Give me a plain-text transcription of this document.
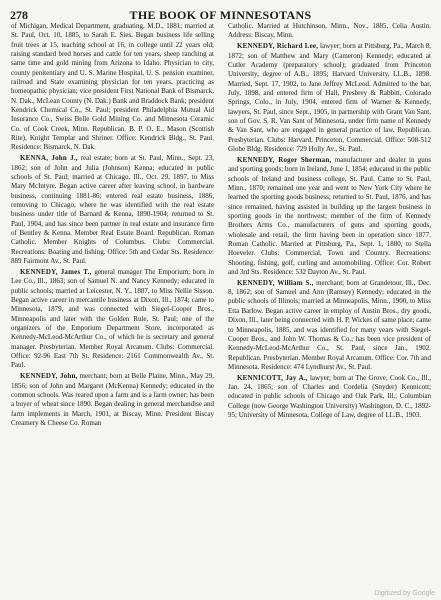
278	THE BOOK OF MINNESOTANS

of Michigan, Medical Department, graduating, M.D., 1881; married at St. Paul, Oct. 10, 1885, to Sarah E. Sies. Began business life selling fruit trees at 15, teaching school at 16, in college until 22 years old; raising standard bred horses and cattle for ten years, sheep ranching at same time and gold mining from Arizona to Idaho. Physician to city, county penitentiary and U. S. Marine Hospital, U. S. pension examiner, railroad and State examining physician for ten years, practicing as homeopathic physician; vice president First National Bank of Bismarck, N. Dak., McLean County (N. Dak.) Bank and Braddock Bank; president Kendrick Chemical Co., St. Paul; president Philadelphia Mutual Aid Insurance Co., Swiss Belle Gold Mining Co. and Minnesota Ceramic Co. of Cook Creek, Minn. Republican. B. P. O. E., Mason (Scottish Rite), Knight Templar and Shriner. Office: Kendrick Bldg., St. Paul. Residence: Bismarck, N. Dak.

KENNA, John J., real estate; born at St. Paul, Minn., Sept. 23, 1862; son of John and Julia (Johnson) Kenna; educated in public schools of St. Paul; married at Chicago, Ill., Oct. 29, 1897, to Miss Mary McIntyre. Began active career after leaving school, in hardware business, continuing 1881-86; entered real estate business, 1886, removing to Chicago, where he was identified with the real estate business under title of Barnard & Kenna, 1890-1904; returned to St. Paul, 1904, and has since been partner in real estate and insurance firm of Bentley & Kenna. Member Real Estate Board. Republican. Roman Catholic. Member Knights of Columbus. Clubs: Commercial. Recreations: Boating and fishing. Office: 5th and Cedar Sts. Residence: 889 Fairmont Av., St. Paul.

KENNEDY, James T., general manager The Emporium; born in Lee Co., Ill., 1863; son of Samuel N. and Nancy Kennedy; educated in public schools; married at Leicester, N. Y., 1887, to Miss Nellie Sisson. Began active career in mercantile business at Dixon, Ill., 1874; came to Minnesota, 1879, and was connected with Siegel-Cooper Bros., Minneapolis and later with the Golden Rule, St. Paul; one of the organizers of the Emporium Department Store, incorporated as Kennedy-McLeod-McArthur Co., of which he is secretary and general manager. Presbyterian. Member Royal Arcanum. Clubs: Commercial. Office: 92-96 East 7th St. Residence: 2161 Commonwealth Av., St. Paul.

KENNEDY, John, merchant; born at Belle Plaine, Minn., May 29, 1856; son of John and Margaret (McKenna) Kennedy; educated in the common schools. Was reared upon a farm and is a farm owner; has been a buyer of wheat since 1890. Began dealing in general merchandise and farm implements in March, 1901, at Biscay, Minn. President Biscay Creamery & Cheese Co. Roman

Catholic. Married at Hutchinson, Minn., Nov., 1885, Celia Austin. Address: Biscay, Minn.

KENNEDY, Richard Lee, lawyer; born at Pittsburg, Pa., March 8, 1872; son of Matthew and Mary (Cameron) Kennedy; educated at Cutler Academy (preparatory school); graduated from Princeton University, degree of A.B., 1895; Harvard University, LL.B., 1898. Married, Sept. 17, 1902, to Jane Jeffrey McLeod. Admitted to the bar, July, 1898, and entered firm of Hall, Presbrey & Rabbitt, Colorado Springs, Colo., in July, 1904, entered firm of Warner & Kennedy, lawyers, St. Paul, since Sept., 1905, in partnership with Grant Van Sant, son of Gov. S. R. Van Sant of Minnesota, under firm name of Kennedy & Van Sant, who are engaged in general practice of law. Republican. Presbyterian. Clubs: Harvard, Princeton, Commercial. Office: 508-512 Globe Bldg. Residence: 729 Holly Av., St. Paul.

KENNEDY, Roger Sherman, manufacturer and dealer in guns and sporting goods; born in Ireland, June 1, 1854; educated in the public schools of Ireland and business college, St. Paul. Came to St. Paul, Minn., 1870; remained one year and went to New York City where he learned the sporting goods business; returned to St. Paul, 1876, and has since remained, having assisted in building up the largest business in sporting goods in the northwest; member of the firm of Kennedy Brothers Arms Co., manufacturers of guns and sporting goods, wholesale and retail, the firm having been in operation since 1877. Roman Catholic. Married at Pittsburg, Pa., Sept. 1, 1880, to Stella Hoeveler. Clubs: Commercial, Town and Country. Recreations: Shooting, fishing, golf, curling and automobiling. Office: Cor. Robert and 3rd Sts. Residence: 532 Dayton Av., St. Paul.

KENNEDY, William S., merchant; born at Grandetour, Ill., Dec. 8, 1862; son of Samuel and Ann (Ramsey) Kennedy; educated in the public schools of Illinois; married at Minneapolis, Minn., 1900, to Miss Etta Barlow. Began active career in employ of Austin Bros., dry goods, Dixon, Ill., later being connected with H. P. Wickes of same place; came to Minneapolis, 1885, and was identified for many years with Siegel-Cooper Bros., and John W. Thomas & Co.; has been vice president of Kennedy-McLeod-McArthur Co., St. Paul, since Jan., 1902. Republican. Presbyterian. Member Royal Arcanum. Office: Cor. 7th and Minnesota. Residence: 474 Lyndhurst Av., St. Paul.

KENNICOTT, Jay A., lawyer; born at The Grove, Cook Co., Ill., Jan. 24, 1865; son of Charles and Cordelia (Snyder) Kennicott; educated in public schools of Chicago and Oak Park, Ill.; Columbian College (now George Washington University) Washington, D. C., 1892-95; University of Minnesota, College of Law, degree of LL.B., 1903.

Digitized by Google
